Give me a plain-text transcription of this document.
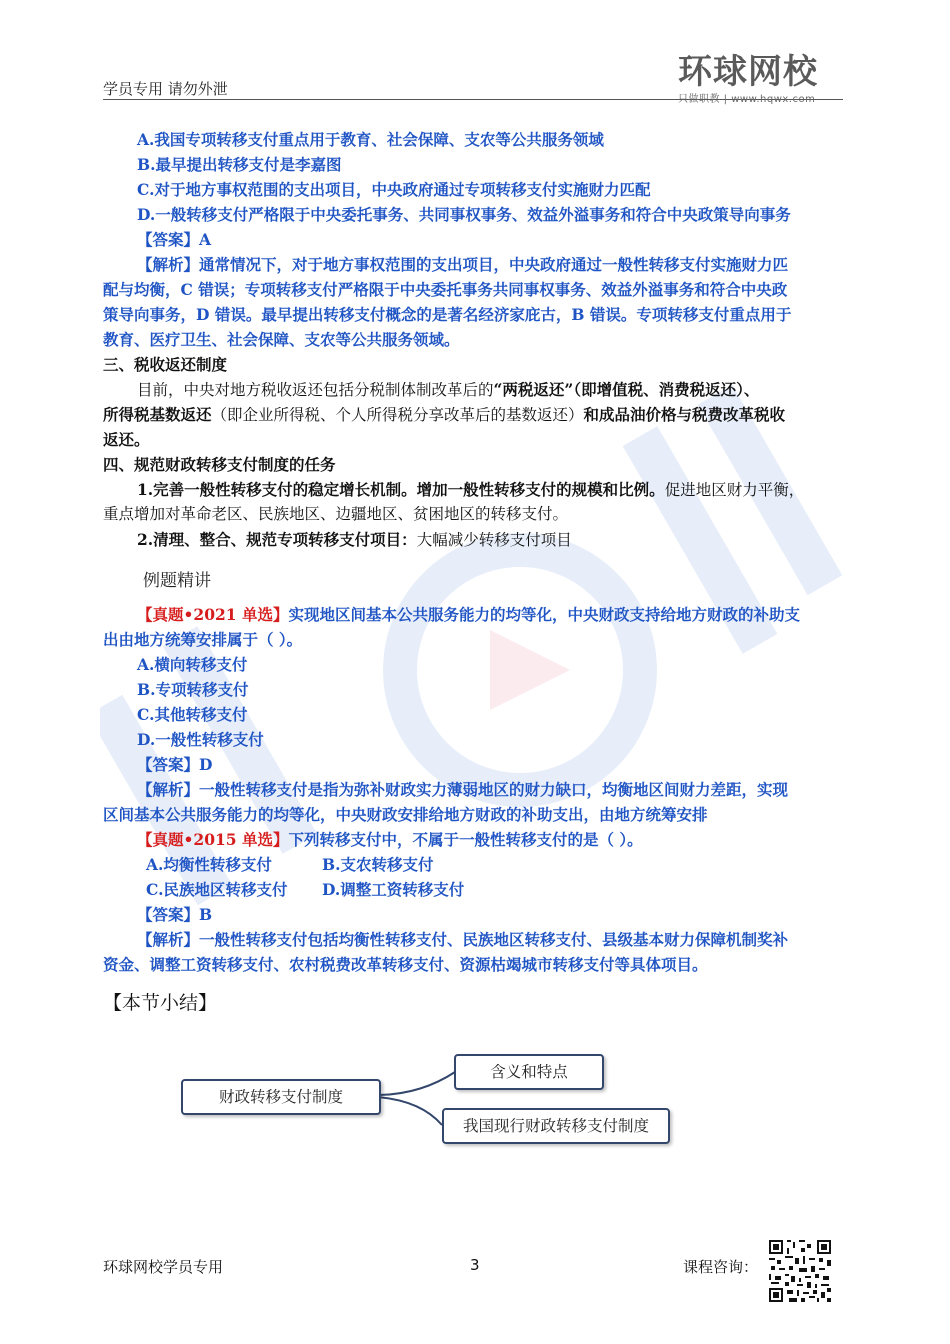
学员专用 请勿外泄	环球网校
只做职教 | www.hqwx.com
A.我国专项转移支付重点用于教育、社会保障、支农等公共服务领域
B.最早提出转移支付是李嘉图
C.对于地方事权范围的支出项目，中央政府通过专项转移支付实施财力匹配
D.一般转移支付严格限于中央委托事务、共同事权事务、效益外溢事务和符合中央政策导向事务
【答案】A
【解析】通常情况下，对于地方事权范围的支出项目，中央政府通过一般性转移支付实施财力匹
配与均衡，C 错误；专项转移支付严格限于中央委托事务共同事权事务、效益外溢事务和符合中央政
策导向事务，D 错误。最早提出转移支付概念的是著名经济家庇古，B 错误。专项转移支付重点用于
教育、医疗卫生、社会保障、支农等公共服务领域。
三、税收返还制度
目前，中央对地方税收返还包括分税制体制改革后的“两税返还”（即增值税、消费税返还）、
所得税基数返还（即企业所得税、个人所得税分享改革后的基数返还）和成品油价格与税费改革税收
返还。
四、规范财政转移支付制度的任务
1.完善一般性转移支付的稳定增长机制。增加一般性转移支付的规模和比例。促进地区财力平衡，
重点增加对革命老区、民族地区、边疆地区、贫困地区的转移支付。
2.清理、整合、规范专项转移支付项目：大幅减少转移支付项目
例题精讲
【真题•2021 单选】实现地区间基本公共服务能力的均等化，中央财政支持给地方财政的补助支
出由地方统筹安排属于（ ）。
A.横向转移支付
B.专项转移支付
C.其他转移支付
D.一般性转移支付
【答案】D
【解析】一般性转移支付是指为弥补财政实力薄弱地区的财力缺口，均衡地区间财力差距，实现
区间基本公共服务能力的均等化，中央财政安排给地方财政的补助支出，由地方统筹安排
【真题•2015 单选】下列转移支付中，不属于一般性转移支付的是（ ）。
A.均衡性转移支付	B.支农转移支付
C.民族地区转移支付	D.调整工资转移支付
【答案】B
【解析】一般性转移支付包括均衡性转移支付、民族地区转移支付、县级基本财力保障机制奖补
资金、调整工资转移支付、农村税费改革转移支付、资源枯竭城市转移支付等具体项目。
【本节小结】
财政转移支付制度
含义和特点
我国现行财政转移支付制度
环球网校学员专用	3	课程咨询：
